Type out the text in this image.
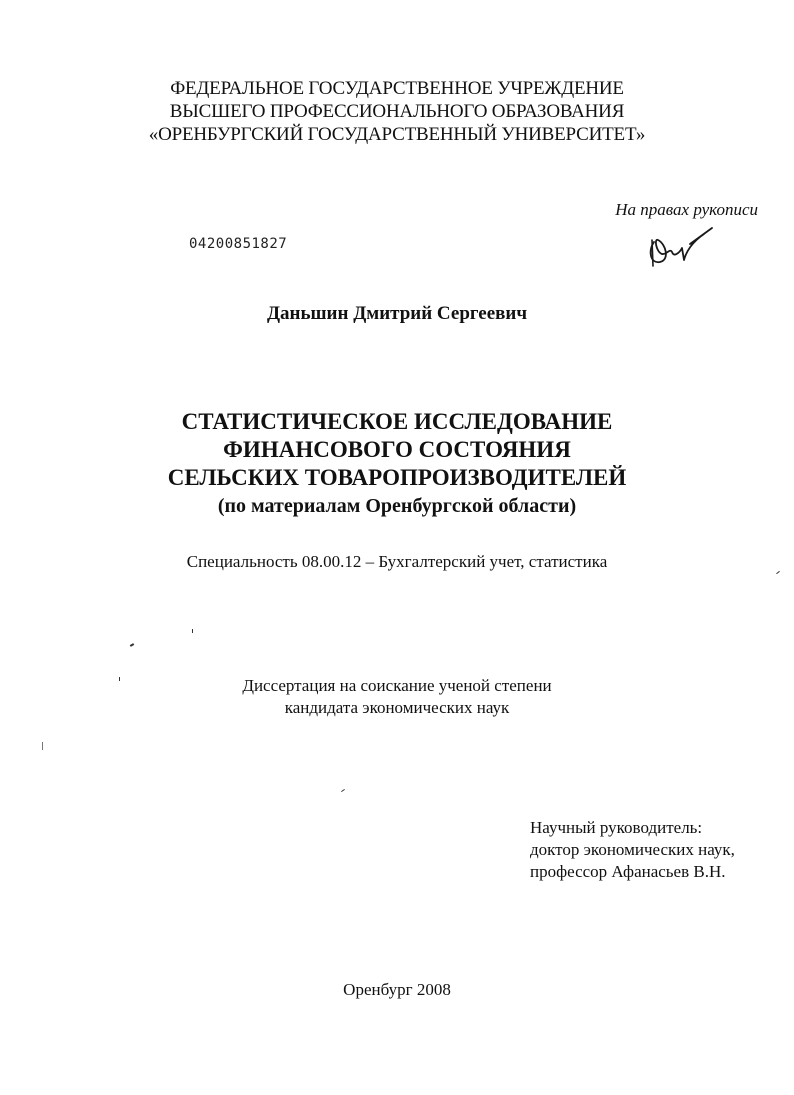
ФЕДЕРАЛЬНОЕ ГОСУДАРСТВЕННОЕ УЧРЕЖДЕНИЕ
ВЫСШЕГО ПРОФЕССИОНАЛЬНОГО ОБРАЗОВАНИЯ
«ОРЕНБУРГСКИЙ ГОСУДАРСТВЕННЫЙ УНИВЕРСИТЕТ»
На правах рукописи
04200851827
Даньшин Дмитрий Сергеевич
СТАТИСТИЧЕСКОЕ ИССЛЕДОВАНИЕ
ФИНАНСОВОГО СОСТОЯНИЯ
СЕЛЬСКИХ ТОВАРОПРОИЗВОДИТЕЛЕЙ
(по материалам Оренбургской области)
Специальность 08.00.12 – Бухгалтерский учет, статистика
Диссертация на соискание ученой степени
кандидата экономических наук
Научный руководитель:
доктор экономических наук,
профессор Афанасьев В.Н.
Оренбург 2008
